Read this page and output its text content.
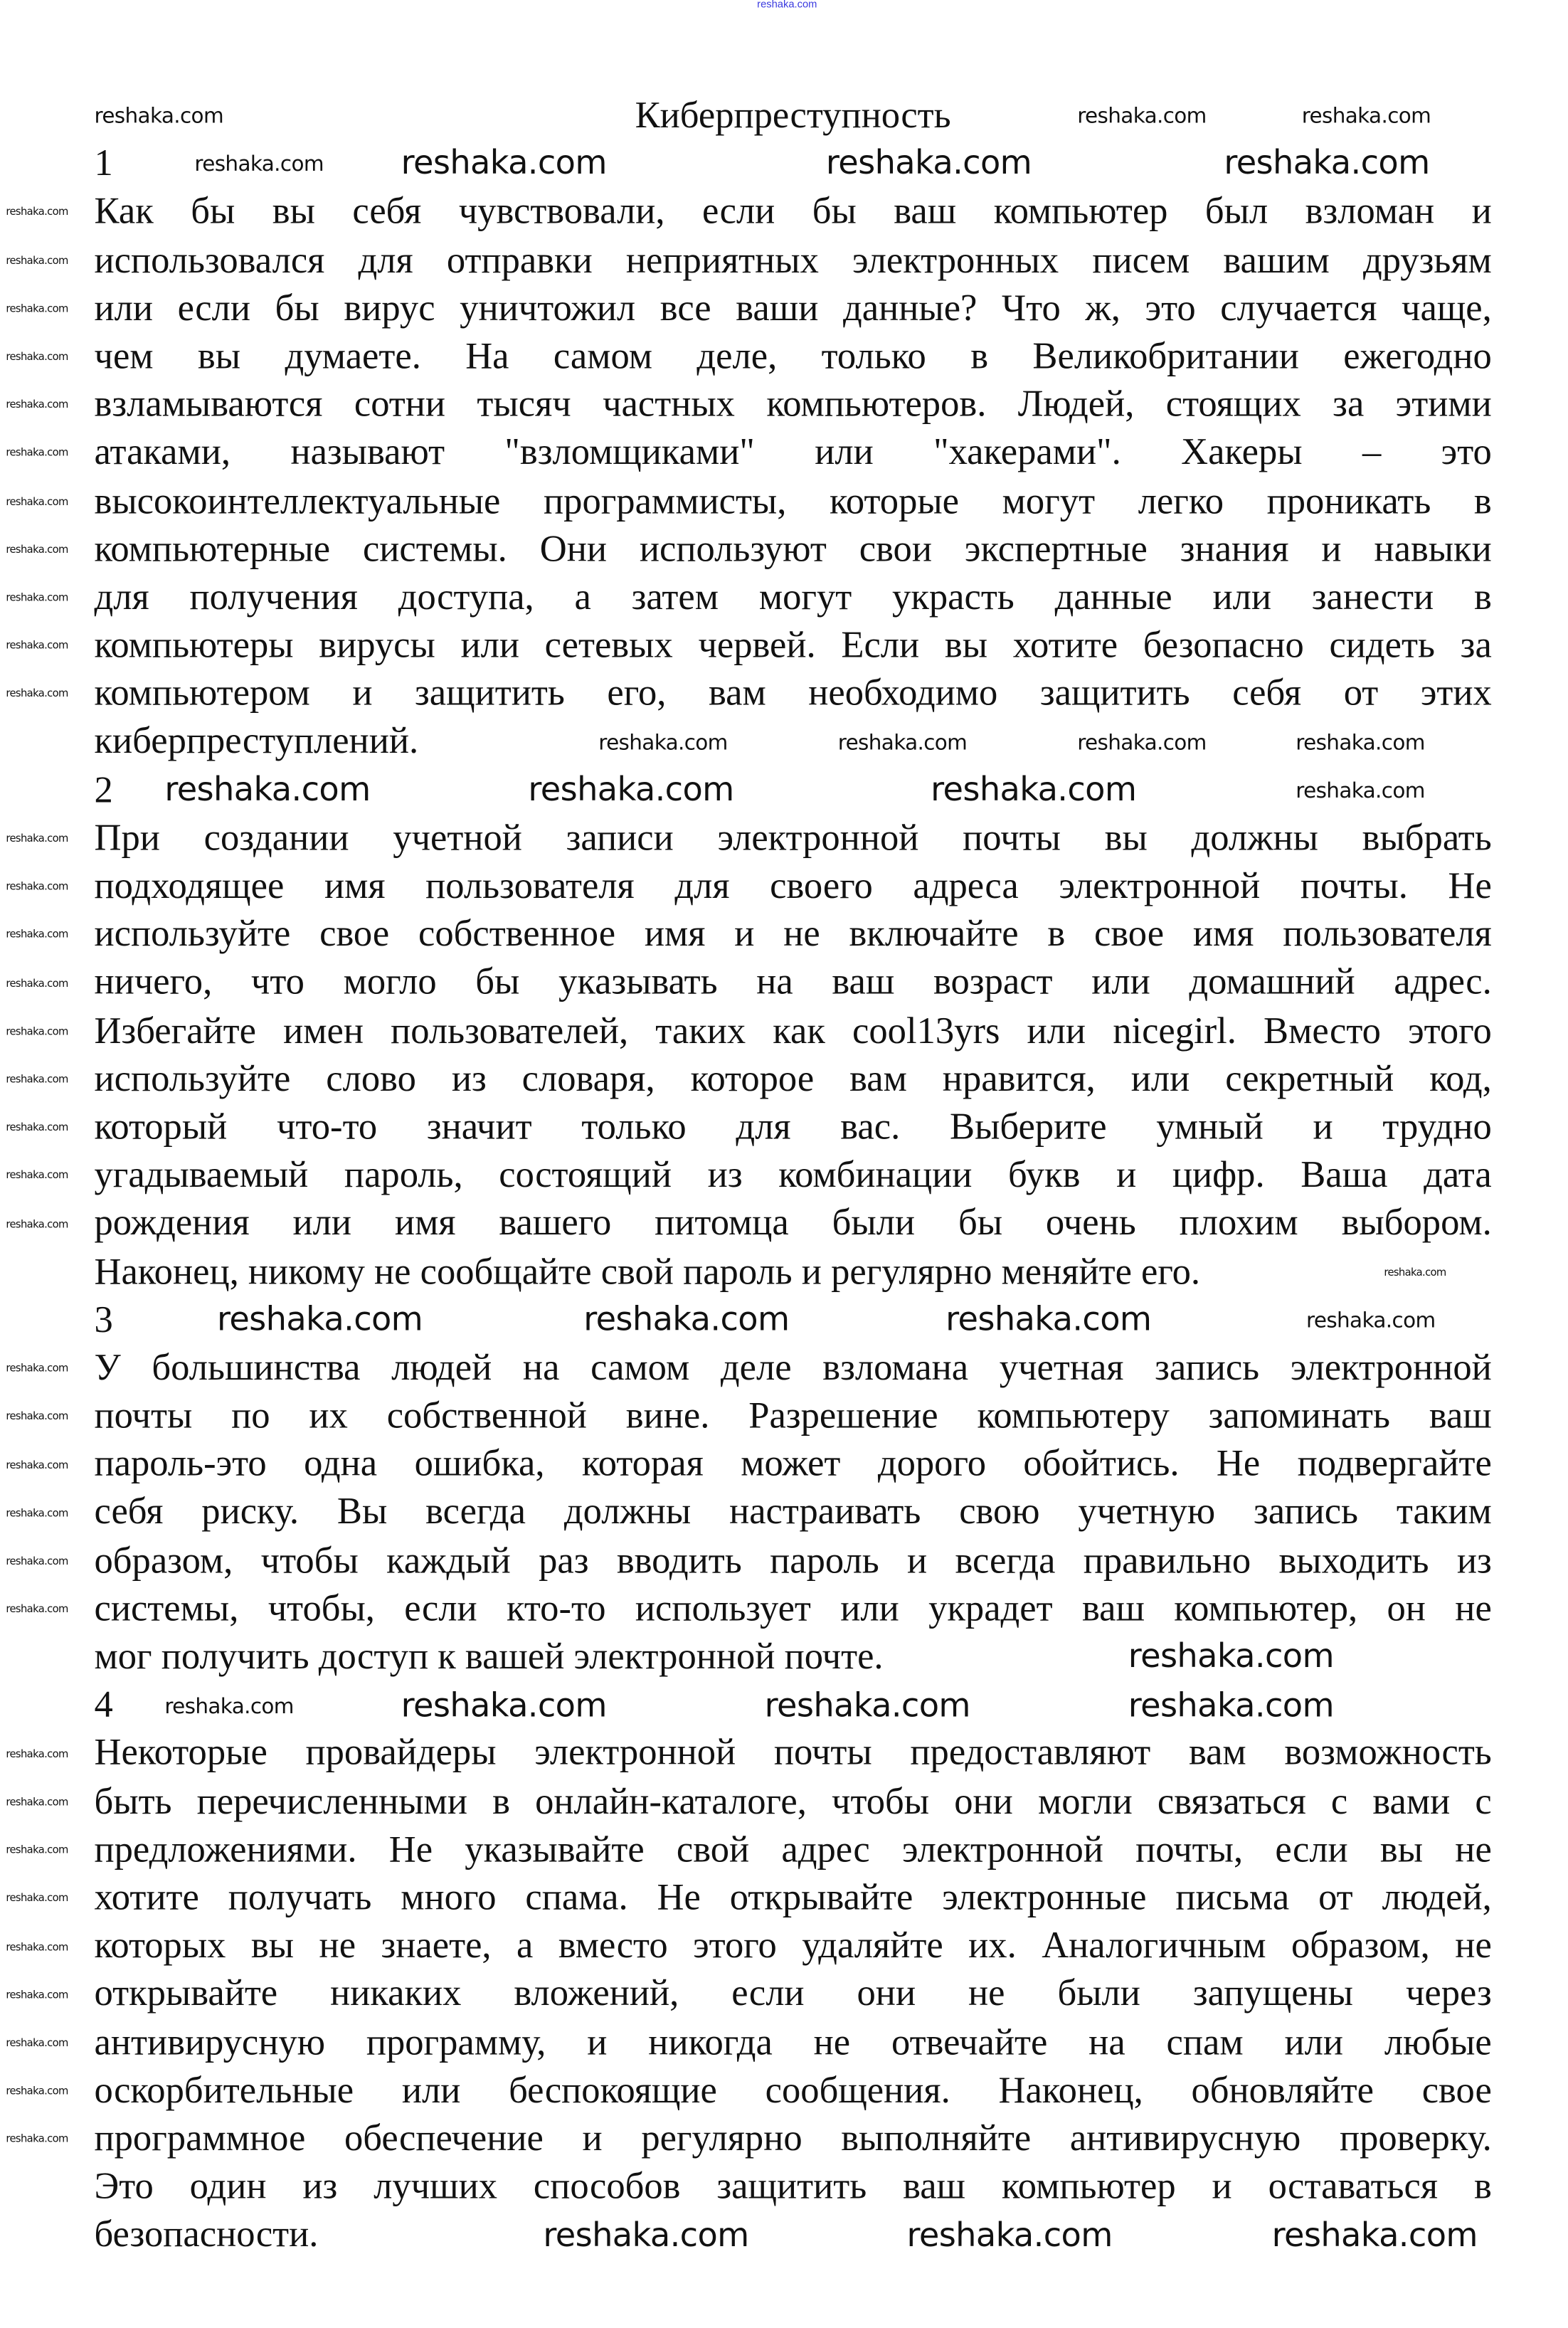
reshaka.com
Киберпреступность
1
Как бы вы себя чувствовали, если бы ваш компьютер был взломан и
использовался для отправки неприятных электронных писем вашим друзьям
или если бы вирус уничтожил все ваши данные? Что ж, это случается чаще,
чем вы думаете. На самом деле, только в Великобритании ежегодно
взламываются сотни тысяч частных компьютеров. Людей, стоящих за этими
атаками, называют "взломщиками" или "хакерами". Хакеры – это
высокоинтеллектуальные программисты, которые могут легко проникать в
компьютерные системы. Они используют свои экспертные знания и навыки
для получения доступа, а затем могут украсть данные или занести в
компьютеры вирусы или сетевых червей. Если вы хотите безопасно сидеть за
компьютером и защитить его, вам необходимо защитить себя от этих
киберпреступлений.
2
При создании учетной записи электронной почты вы должны выбрать
подходящее имя пользователя для своего адреса электронной почты. Не
используйте свое собственное имя и не включайте в свое имя пользователя
ничего, что могло бы указывать на ваш возраст или домашний адрес.
Избегайте имен пользователей, таких как cool13yrs или nicegirl. Вместо этого
используйте слово из словаря, которое вам нравится, или секретный код,
который что-то значит только для вас. Выберите умный и трудно
угадываемый пароль, состоящий из комбинации букв и цифр. Ваша дата
рождения или имя вашего питомца были бы очень плохим выбором.
Наконец, никому не сообщайте свой пароль и регулярно меняйте его.
3
У большинства людей на самом деле взломана учетная запись электронной
почты по их собственной вине. Разрешение компьютеру запоминать ваш
пароль-это одна ошибка, которая может дорого обойтись. Не подвергайте
себя риску. Вы всегда должны настраивать свою учетную запись таким
образом, чтобы каждый раз вводить пароль и всегда правильно выходить из
системы, чтобы, если кто-то использует или украдет ваш компьютер, он не
мог получить доступ к вашей электронной почте.
4
Некоторые провайдеры электронной почты предоставляют вам возможность
быть перечисленными в онлайн-каталоге, чтобы они могли связаться с вами с
предложениями. Не указывайте свой адрес электронной почты, если вы не
хотите получать много спама. Не открывайте электронные письма от людей,
которых вы не знаете, а вместо этого удаляйте их. Аналогичным образом, не
открывайте никаких вложений, если они не были запущены через
антивирусную программу, и никогда не отвечайте на спам или любые
оскорбительные или беспокоящие сообщения. Наконец, обновляйте свое
программное обеспечение и регулярно выполняйте антивирусную проверку.
Это один из лучших способов защитить ваш компьютер и оставаться в
безопасности.
reshaka.com	reshaka.com	reshaka.com
reshaka.com	reshaka.com	reshaka.com	reshaka.com
reshaka.com	reshaka.com	reshaka.com	reshaka.com
reshaka.com	reshaka.com	reshaka.com	reshaka.com
reshaka.com
reshaka.com	reshaka.com	reshaka.com	reshaka.com
reshaka.com
reshaka.com	reshaka.com	reshaka.com	reshaka.com
reshaka.com	reshaka.com	reshaka.com
reshaka.com
reshaka.com
reshaka.com
reshaka.com
reshaka.com
reshaka.com
reshaka.com
reshaka.com
reshaka.com
reshaka.com
reshaka.com
reshaka.com
reshaka.com
reshaka.com
reshaka.com
reshaka.com
reshaka.com
reshaka.com
reshaka.com
reshaka.com
reshaka.com
reshaka.com
reshaka.com
reshaka.com
reshaka.com
reshaka.com
reshaka.com
reshaka.com
reshaka.com
reshaka.com
reshaka.com
reshaka.com
reshaka.com
reshaka.com
reshaka.com
